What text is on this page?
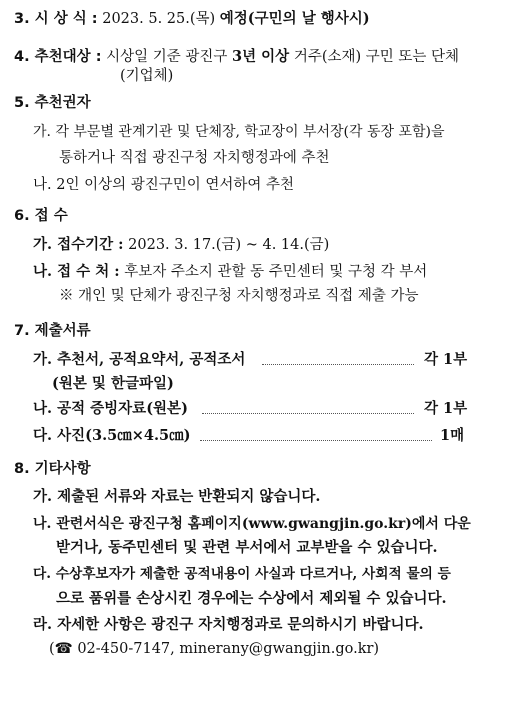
3. 시 상 식 : 2023. 5. 25.(목) 예정(구민의 날 행사시)
4. 추천대상 : 시상일 기준 광진구 3년 이상 거주(소재) 구민 또는 단체
(기업체)
5. 추천권자
가. 각 부문별 관계기관 및 단체장, 학교장이 부서장(각 동장 포함)을
통하거나 직접 광진구청 자치행정과에 추천
나. 2인 이상의 광진구민이 연서하여 추천
6. 접 수
가. 접수기간 : 2023. 3. 17.(금) ~ 4. 14.(금)
나. 접 수 처 : 후보자 주소지 관할 동 주민센터 및 구청 각 부서
※ 개인 및 단체가 광진구청 자치행정과로 직접 제출 가능
7. 제출서류
가. 추천서, 공적요약서, 공적조서	각 1부
(원본 및 한글파일)
나. 공적 증빙자료(원본)	각 1부
다. 사진(3.5㎝×4.5㎝)	1매
8. 기타사항
가. 제출된 서류와 자료는 반환되지 않습니다.
나. 관련서식은 광진구청 홈페이지(www.gwangjin.go.kr)에서 다운
받거나, 동주민센터 및 관련 부서에서 교부받을 수 있습니다.
다. 수상후보자가 제출한 공적내용이 사실과 다르거나, 사회적 물의 등
으로 품위를 손상시킨 경우에는 수상에서 제외될 수 있습니다.
라. 자세한 사항은 광진구 자치행정과로 문의하시기 바랍니다.
(☎ 02-450-7147, minerany@gwangjin.go.kr)
